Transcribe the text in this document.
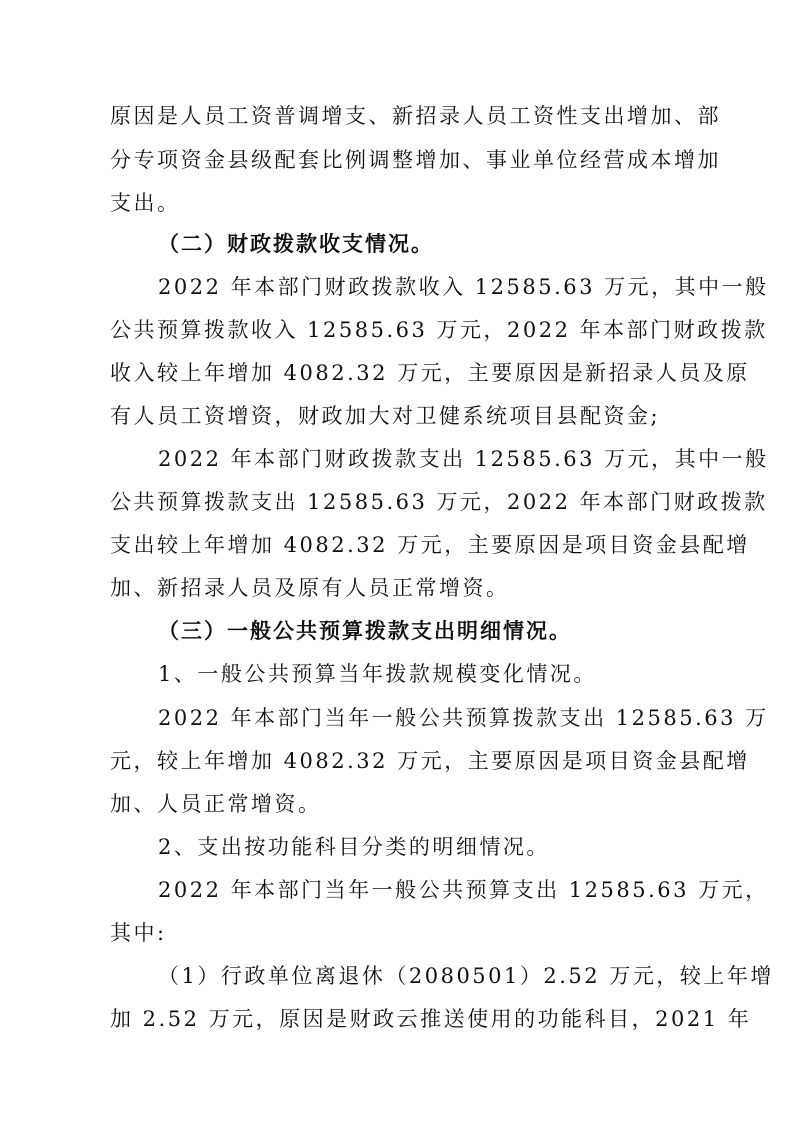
原因是人员工资普调增支、新招录人员工资性支出增加、部
分专项资金县级配套比例调整增加、事业单位经营成本增加
支出。
（二）财政拨款收支情况。
2022 年本部门财政拨款收入 12585.63 万元，其中一般
公共预算拨款收入 12585.63 万元，2022 年本部门财政拨款
收入较上年增加 4082.32 万元，主要原因是新招录人员及原
有人员工资增资，财政加大对卫健系统项目县配资金;
2022 年本部门财政拨款支出 12585.63 万元，其中一般
公共预算拨款支出 12585.63 万元，2022 年本部门财政拨款
支出较上年增加 4082.32 万元，主要原因是项目资金县配增
加、新招录人员及原有人员正常增资。
（三）一般公共预算拨款支出明细情况。
1、一般公共预算当年拨款规模变化情况。
2022 年本部门当年一般公共预算拨款支出 12585.63 万
元，较上年增加 4082.32 万元，主要原因是项目资金县配增
加、人员正常增资。
2、支出按功能科目分类的明细情况。
2022 年本部门当年一般公共预算支出 12585.63 万元，
其中:
（1）行政单位离退休（2080501）2.52 万元，较上年增
加 2.52 万元，原因是财政云推送使用的功能科目，2021 年
